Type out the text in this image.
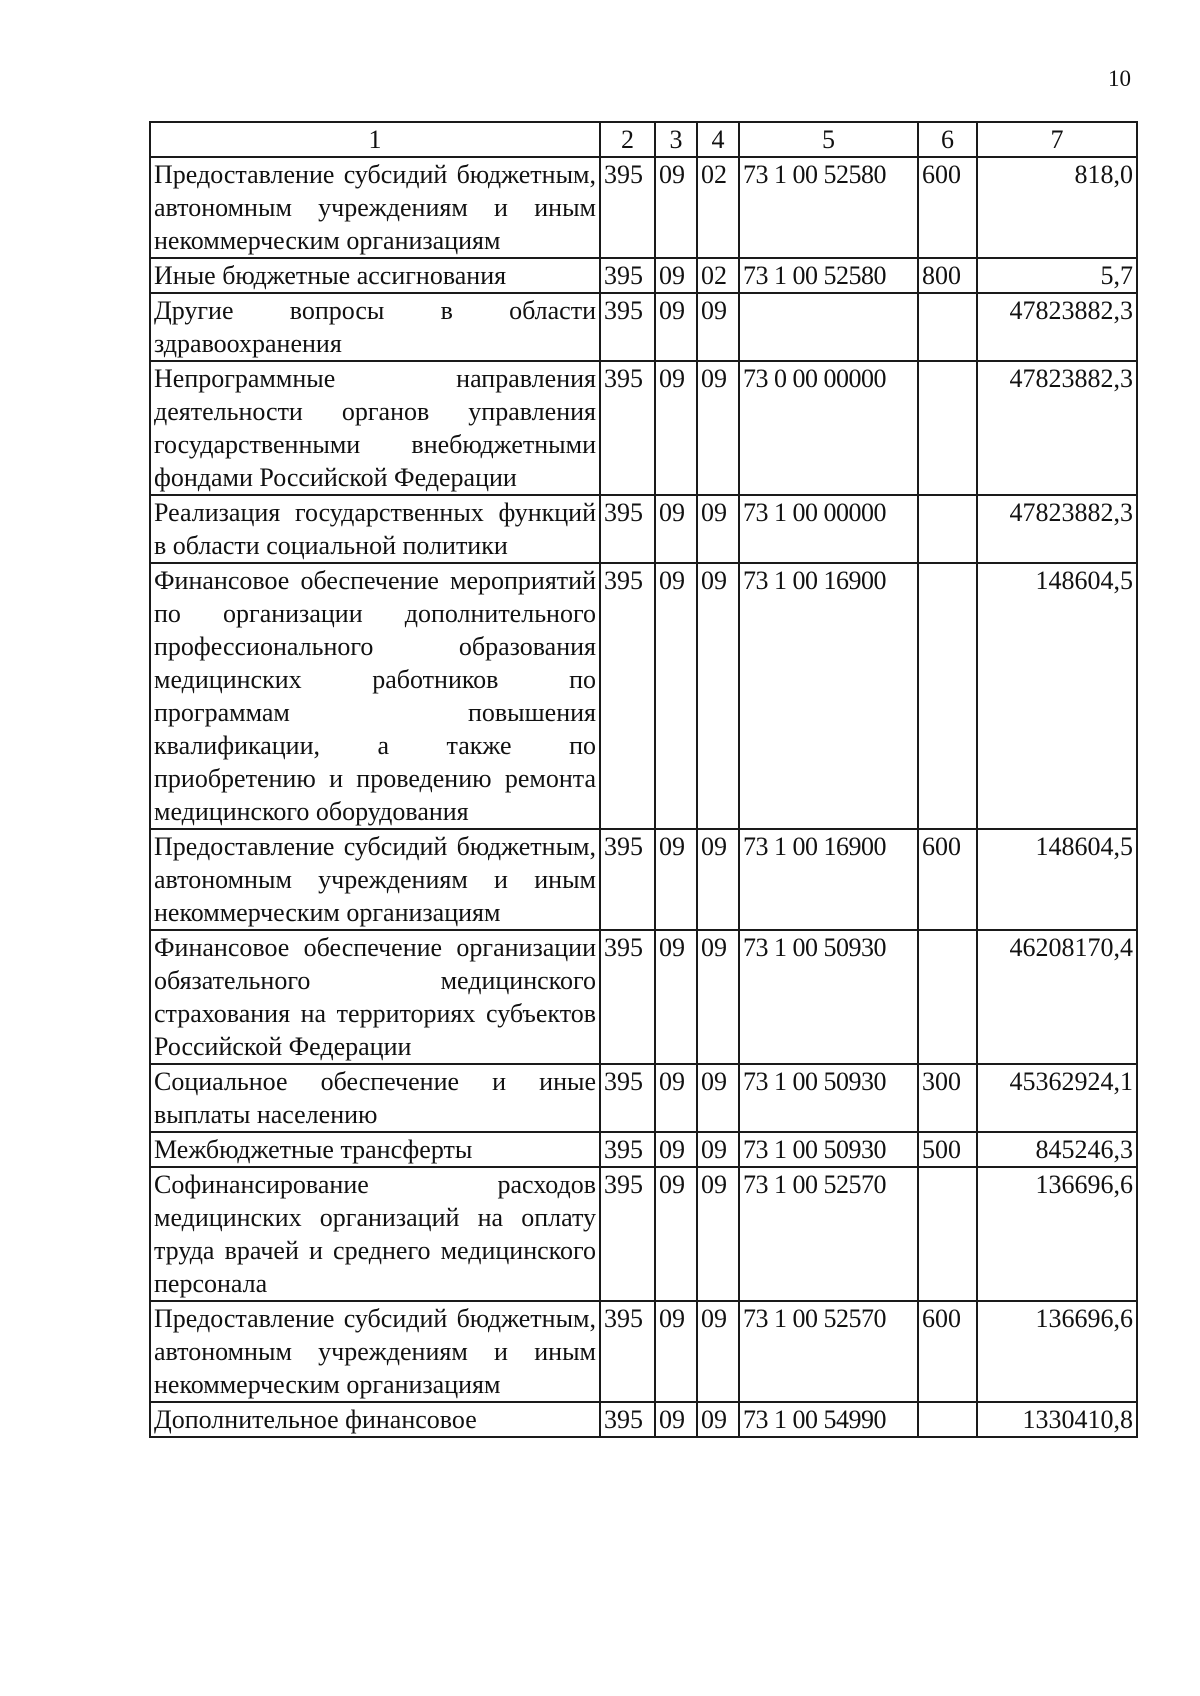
10
1	2	3	4	5	6	7
Предоставление субсидий бюджетным, автономным учреждениям и иным некоммерческим организациям	395	09	02	73 1 00 52580	600	818,0
Иные бюджетные ассигнования	395	09	02	73 1 00 52580	800	5,7
Другие вопросы в области здравоохранения	395	09	09			47823882,3
Непрограммные направления деятельности органов управления государственными внебюджетными фондами Российской Федерации	395	09	09	73 0 00 00000		47823882,3
Реализация государственных функций в области социальной политики	395	09	09	73 1 00 00000		47823882,3
Финансовое обеспечение мероприятий по организации дополнительного профессионального образования медицинских работников по программам повышения квалификации, а также по приобретению и проведению ремонта медицинского оборудования	395	09	09	73 1 00 16900		148604,5
Предоставление субсидий бюджетным, автономным учреждениям и иным некоммерческим организациям	395	09	09	73 1 00 16900	600	148604,5
Финансовое обеспечение организации обязательного медицинского страхования на территориях субъектов Российской Федерации	395	09	09	73 1 00 50930		46208170,4
Социальное обеспечение и иные выплаты населению	395	09	09	73 1 00 50930	300	45362924,1
Межбюджетные трансферты	395	09	09	73 1 00 50930	500	845246,3
Софинансирование расходов медицинских организаций на оплату труда врачей и среднего медицинского персонала	395	09	09	73 1 00 52570		136696,6
Предоставление субсидий бюджетным, автономным учреждениям и иным некоммерческим организациям	395	09	09	73 1 00 52570	600	136696,6
Дополнительное финансовое	395	09	09	73 1 00 54990		1330410,8
